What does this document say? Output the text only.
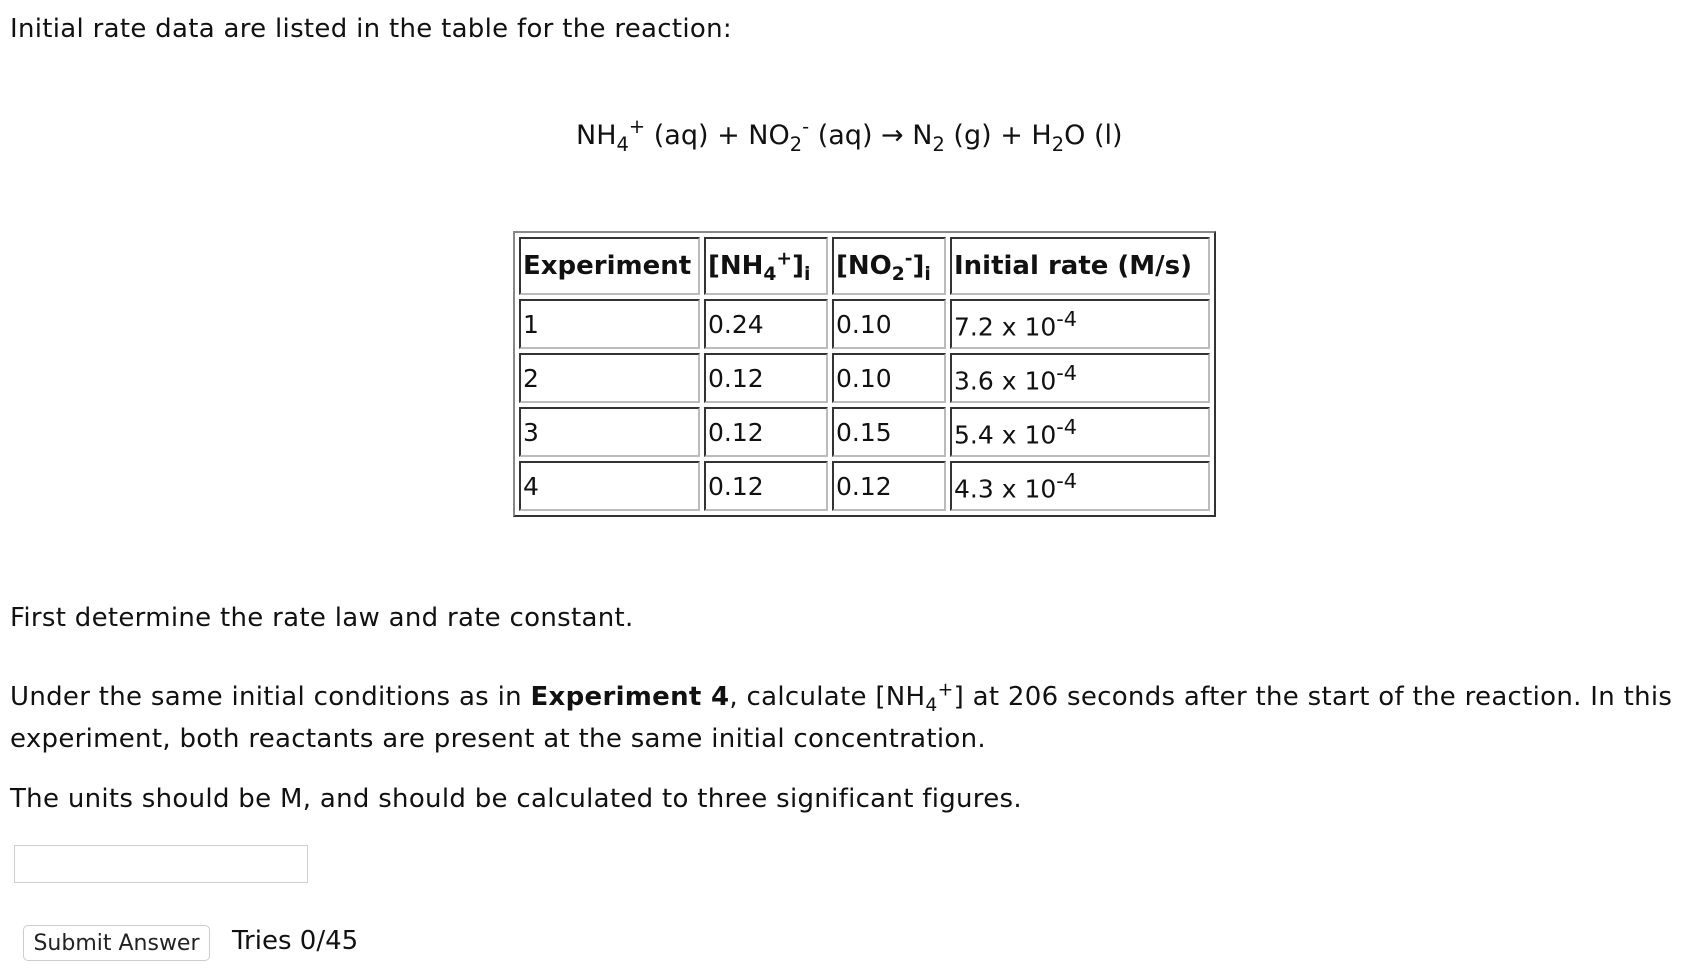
Initial rate data are listed in the table for the reaction:
$NH_4^+$ $(aq) + NO_2^-$ $(aq) \to N_2$ $(g) + H_2O$ (l)
Experiment	$[NH_4^+]_i$	$[NO_2^-]_i$	Initial rate (M/s)
1	0.24	0.10	7.2 x $10^{-4}$
2	0.12	0.10	3.6 x $10^{-4}$
3	0.12	0.15	5.4 x $10^{-4}$
4	0.12	0.12	4.3 x $10^{-4}$
First determine the rate law and rate constant.
Under the same initial conditions as in Experiment 4, calculate $[NH_4^+]$ at 206 seconds after the start of the reaction. In this experiment, both reactants are present at the same initial concentration.
The units should be M, and should be calculated to three significant figures.
Submit Answer	Tries 0/45
